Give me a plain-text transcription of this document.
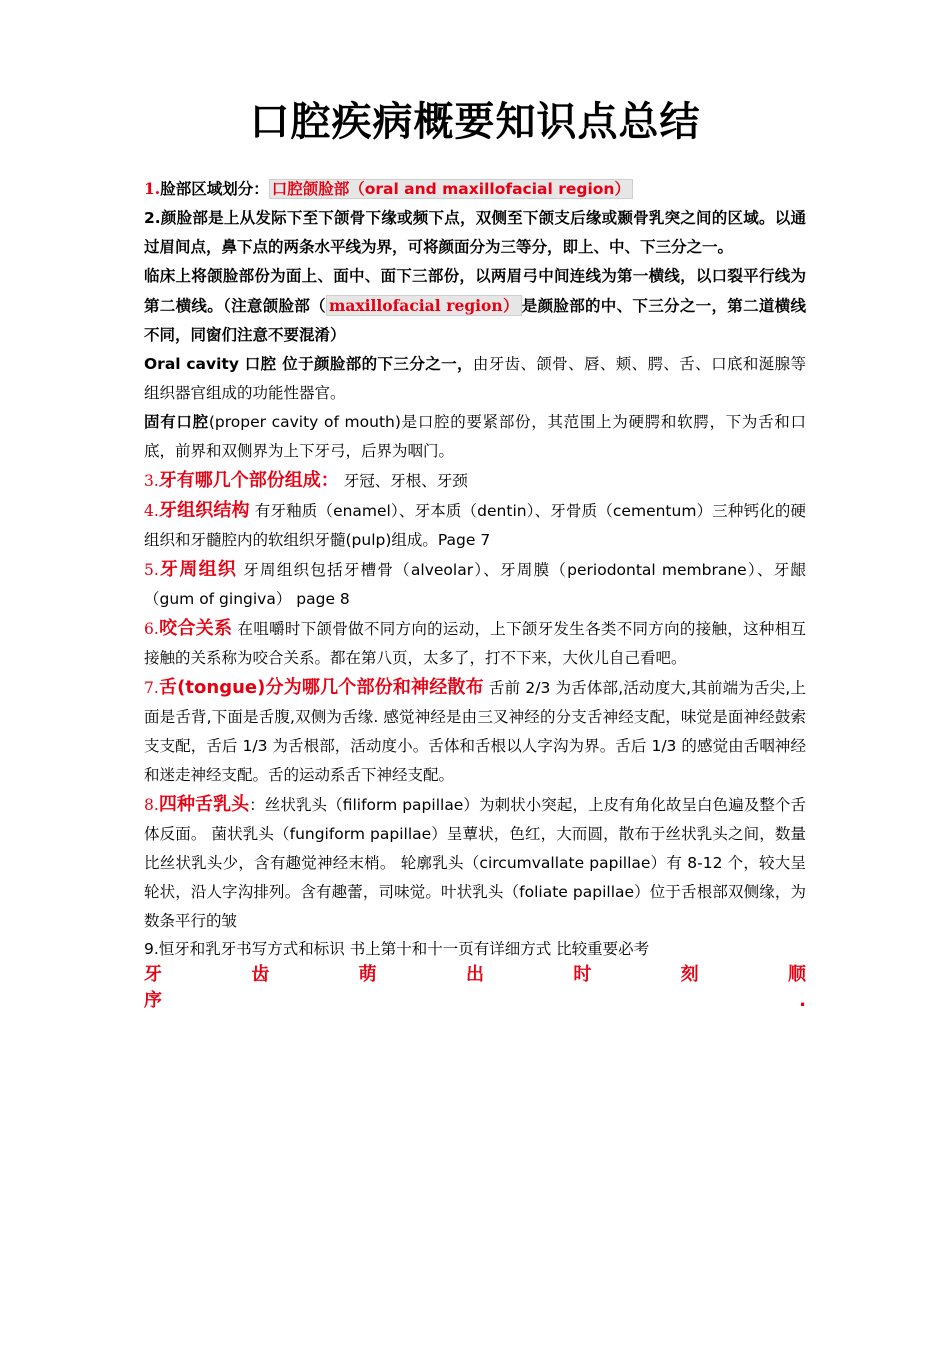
口腔疾病概要知识点总结

1.脸部区域划分： 口腔颌脸部（oral and maxillofacial region）

2.颜脸部是上从发际下至下颌骨下缘或频下点，双侧至下颌支后缘或颞骨乳突之间的区域。以通过眉间点，鼻下点的两条水平线为界，可将颜面分为三等分，即上、中、下三分之一。

临床上将颌脸部份为面上、面中、面下三部份，以两眉弓中间连线为第一横线，以口裂平行线为第二横线。（注意颌脸部（ maxillofacial region） 是颜脸部的中、下三分之一，第二道横线不同，同窗们注意不要混淆）

Oral cavity 口腔 位于颜脸部的下三分之一，由牙齿、颌骨、唇、颊、腭、舌、口底和涎腺等组织器官组成的功能性器官。

固有口腔(proper cavity of mouth)是口腔的要紧部份，其范围上为硬腭和软腭，下为舌和口底，前界和双侧界为上下牙弓，后界为咽门。

3.牙有哪几个部份组成： 牙冠、牙根、牙颈

4.牙组织结构 有牙釉质（enamel）、牙本质（dentin）、牙骨质（cementum）三种钙化的硬组织和牙髓腔内的软组织牙髓(pulp)组成。Page 7

5.牙周组织 牙周组织包括牙槽骨（alveolar）、牙周膜（periodontal membrane）、牙龈（gum of gingiva） page 8

6.咬合关系 在咀嚼时下颌骨做不同方向的运动，上下颌牙发生各类不同方向的接触，这种相互接触的关系称为咬合关系。都在第八页，太多了，打不下来，大伙儿自己看吧。

7.舌(tongue)分为哪几个部份和神经散布 舌前 2/3 为舌体部,活动度大,其前端为舌尖,上面是舌背,下面是舌腹,双侧为舌缘. 感觉神经是由三叉神经的分支舌神经支配，味觉是面神经鼓索支支配，舌后 1/3 为舌根部，活动度小。舌体和舌根以人字沟为界。舌后 1/3 的感觉由舌咽神经和迷走神经支配。舌的运动系舌下神经支配。

8.四种舌乳头：丝状乳头（filiform papillae）为刺状小突起，上皮有角化故呈白色遍及整个舌体反面。 菌状乳头（fungiform papillae）呈蕈状，色红，大而圆，散布于丝状乳头之间，数量比丝状乳头少，含有趣觉神经末梢。 轮廓乳头（circumvallate papillae）有 8-12 个，较大呈轮状，沿人字沟排列。含有趣蕾，司味觉。叶状乳头（foliate papillae）位于舌根部双侧缘，为数条平行的皱

9.恒牙和乳牙书写方式和标识 书上第十和十一页有详细方式 比较重要必考

牙	齿	萌	出	时	刻	顺
序	.
